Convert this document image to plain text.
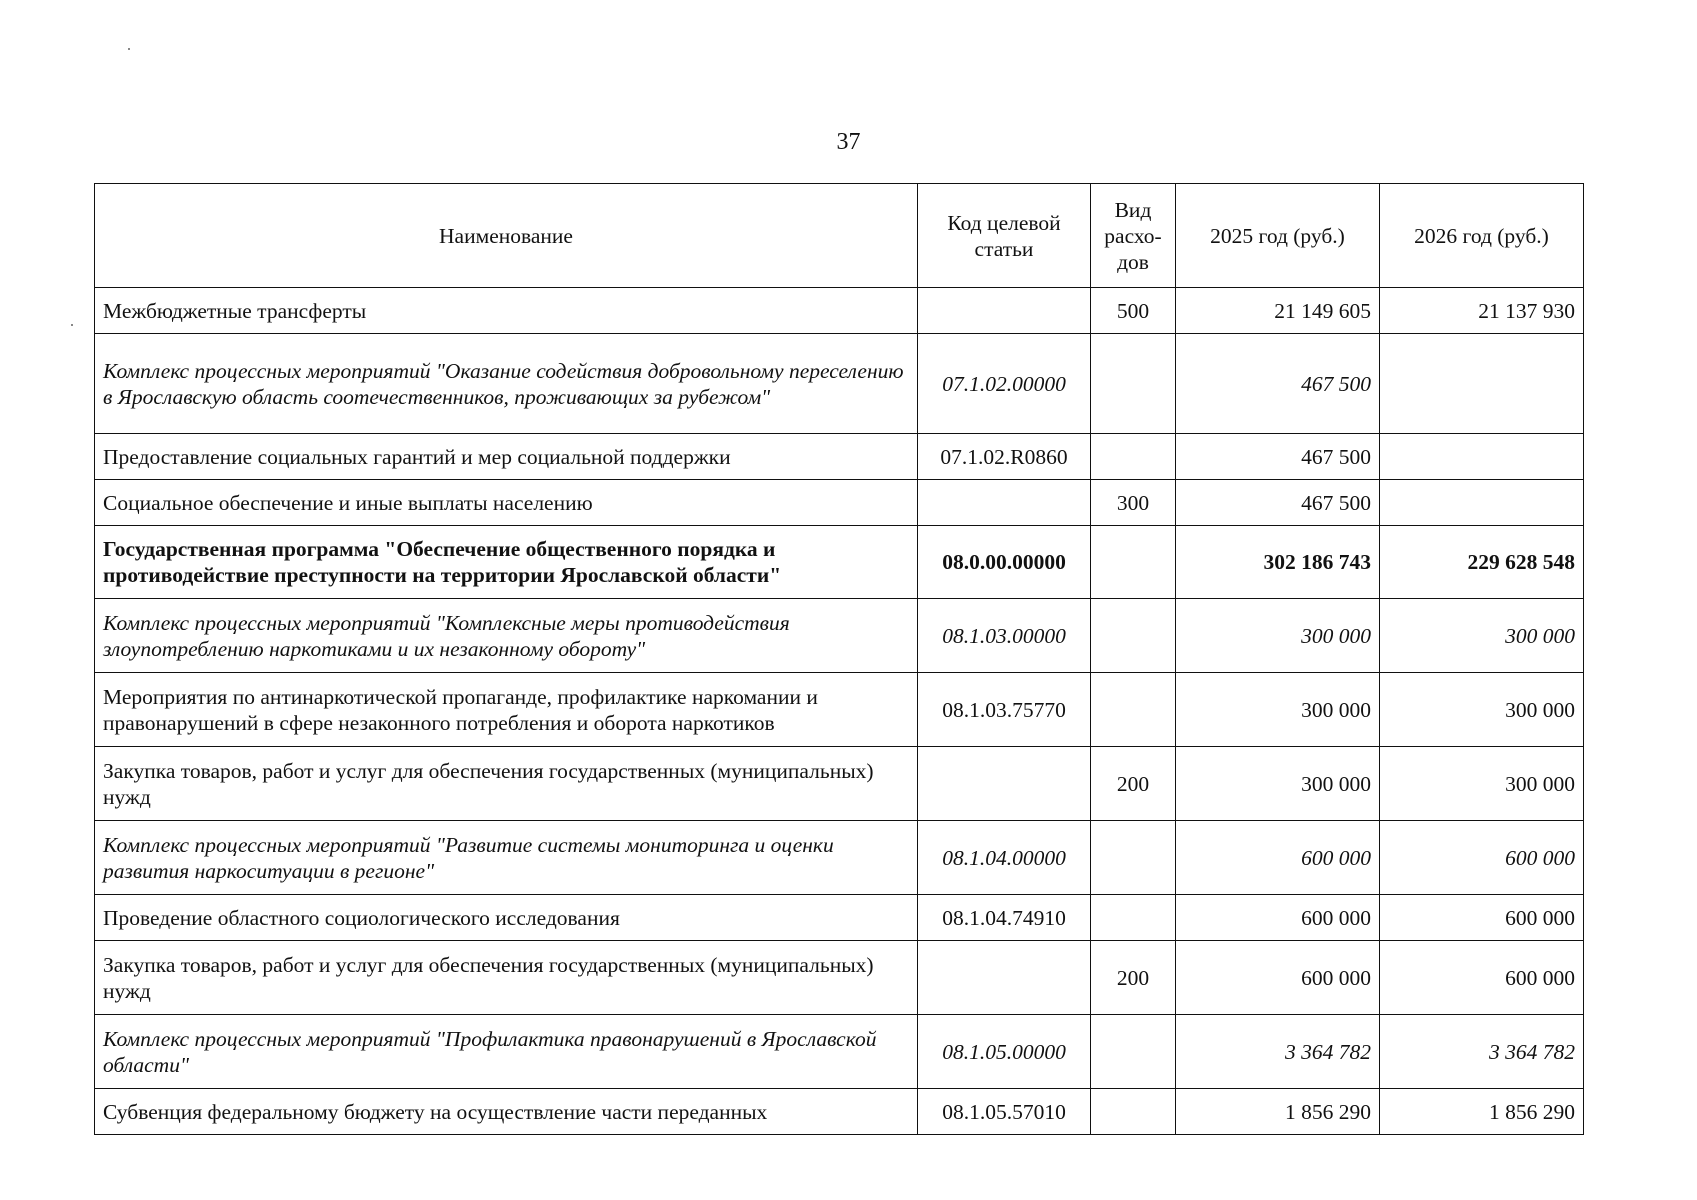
37
Наименование	Код целевой статьи	Вид расхо-дов	2025 год (руб.)	2026 год (руб.)
Межбюджетные трансферты		500	21 149 605	21 137 930
Комплекс процессных мероприятий "Оказание содействия добровольному переселению в Ярославскую область соотечественников, проживающих за рубежом"	07.1.02.00000		467 500	
Предоставление социальных гарантий и мер социальной поддержки	07.1.02.R0860		467 500	
Социальное обеспечение и иные выплаты населению		300	467 500	
Государственная программа "Обеспечение общественного порядка и противодействие преступности на территории Ярославской области"	08.0.00.00000		302 186 743	229 628 548
Комплекс процессных мероприятий "Комплексные меры противодействия злоупотреблению наркотиками и их незаконному обороту"	08.1.03.00000		300 000	300 000
Мероприятия по антинаркотической пропаганде, профилактике наркомании и правонарушений в сфере незаконного потребления и оборота наркотиков	08.1.03.75770		300 000	300 000
Закупка товаров, работ и услуг для обеспечения государственных (муниципальных) нужд		200	300 000	300 000
Комплекс процессных мероприятий "Развитие системы мониторинга и оценки развития наркоситуации в регионе"	08.1.04.00000		600 000	600 000
Проведение областного социологического исследования	08.1.04.74910		600 000	600 000
Закупка товаров, работ и услуг для обеспечения государственных (муниципальных) нужд		200	600 000	600 000
Комплекс процессных мероприятий "Профилактика правонарушений в Ярославской области"	08.1.05.00000		3 364 782	3 364 782
Субвенция федеральному бюджету на осуществление части переданных	08.1.05.57010		1 856 290	1 856 290
